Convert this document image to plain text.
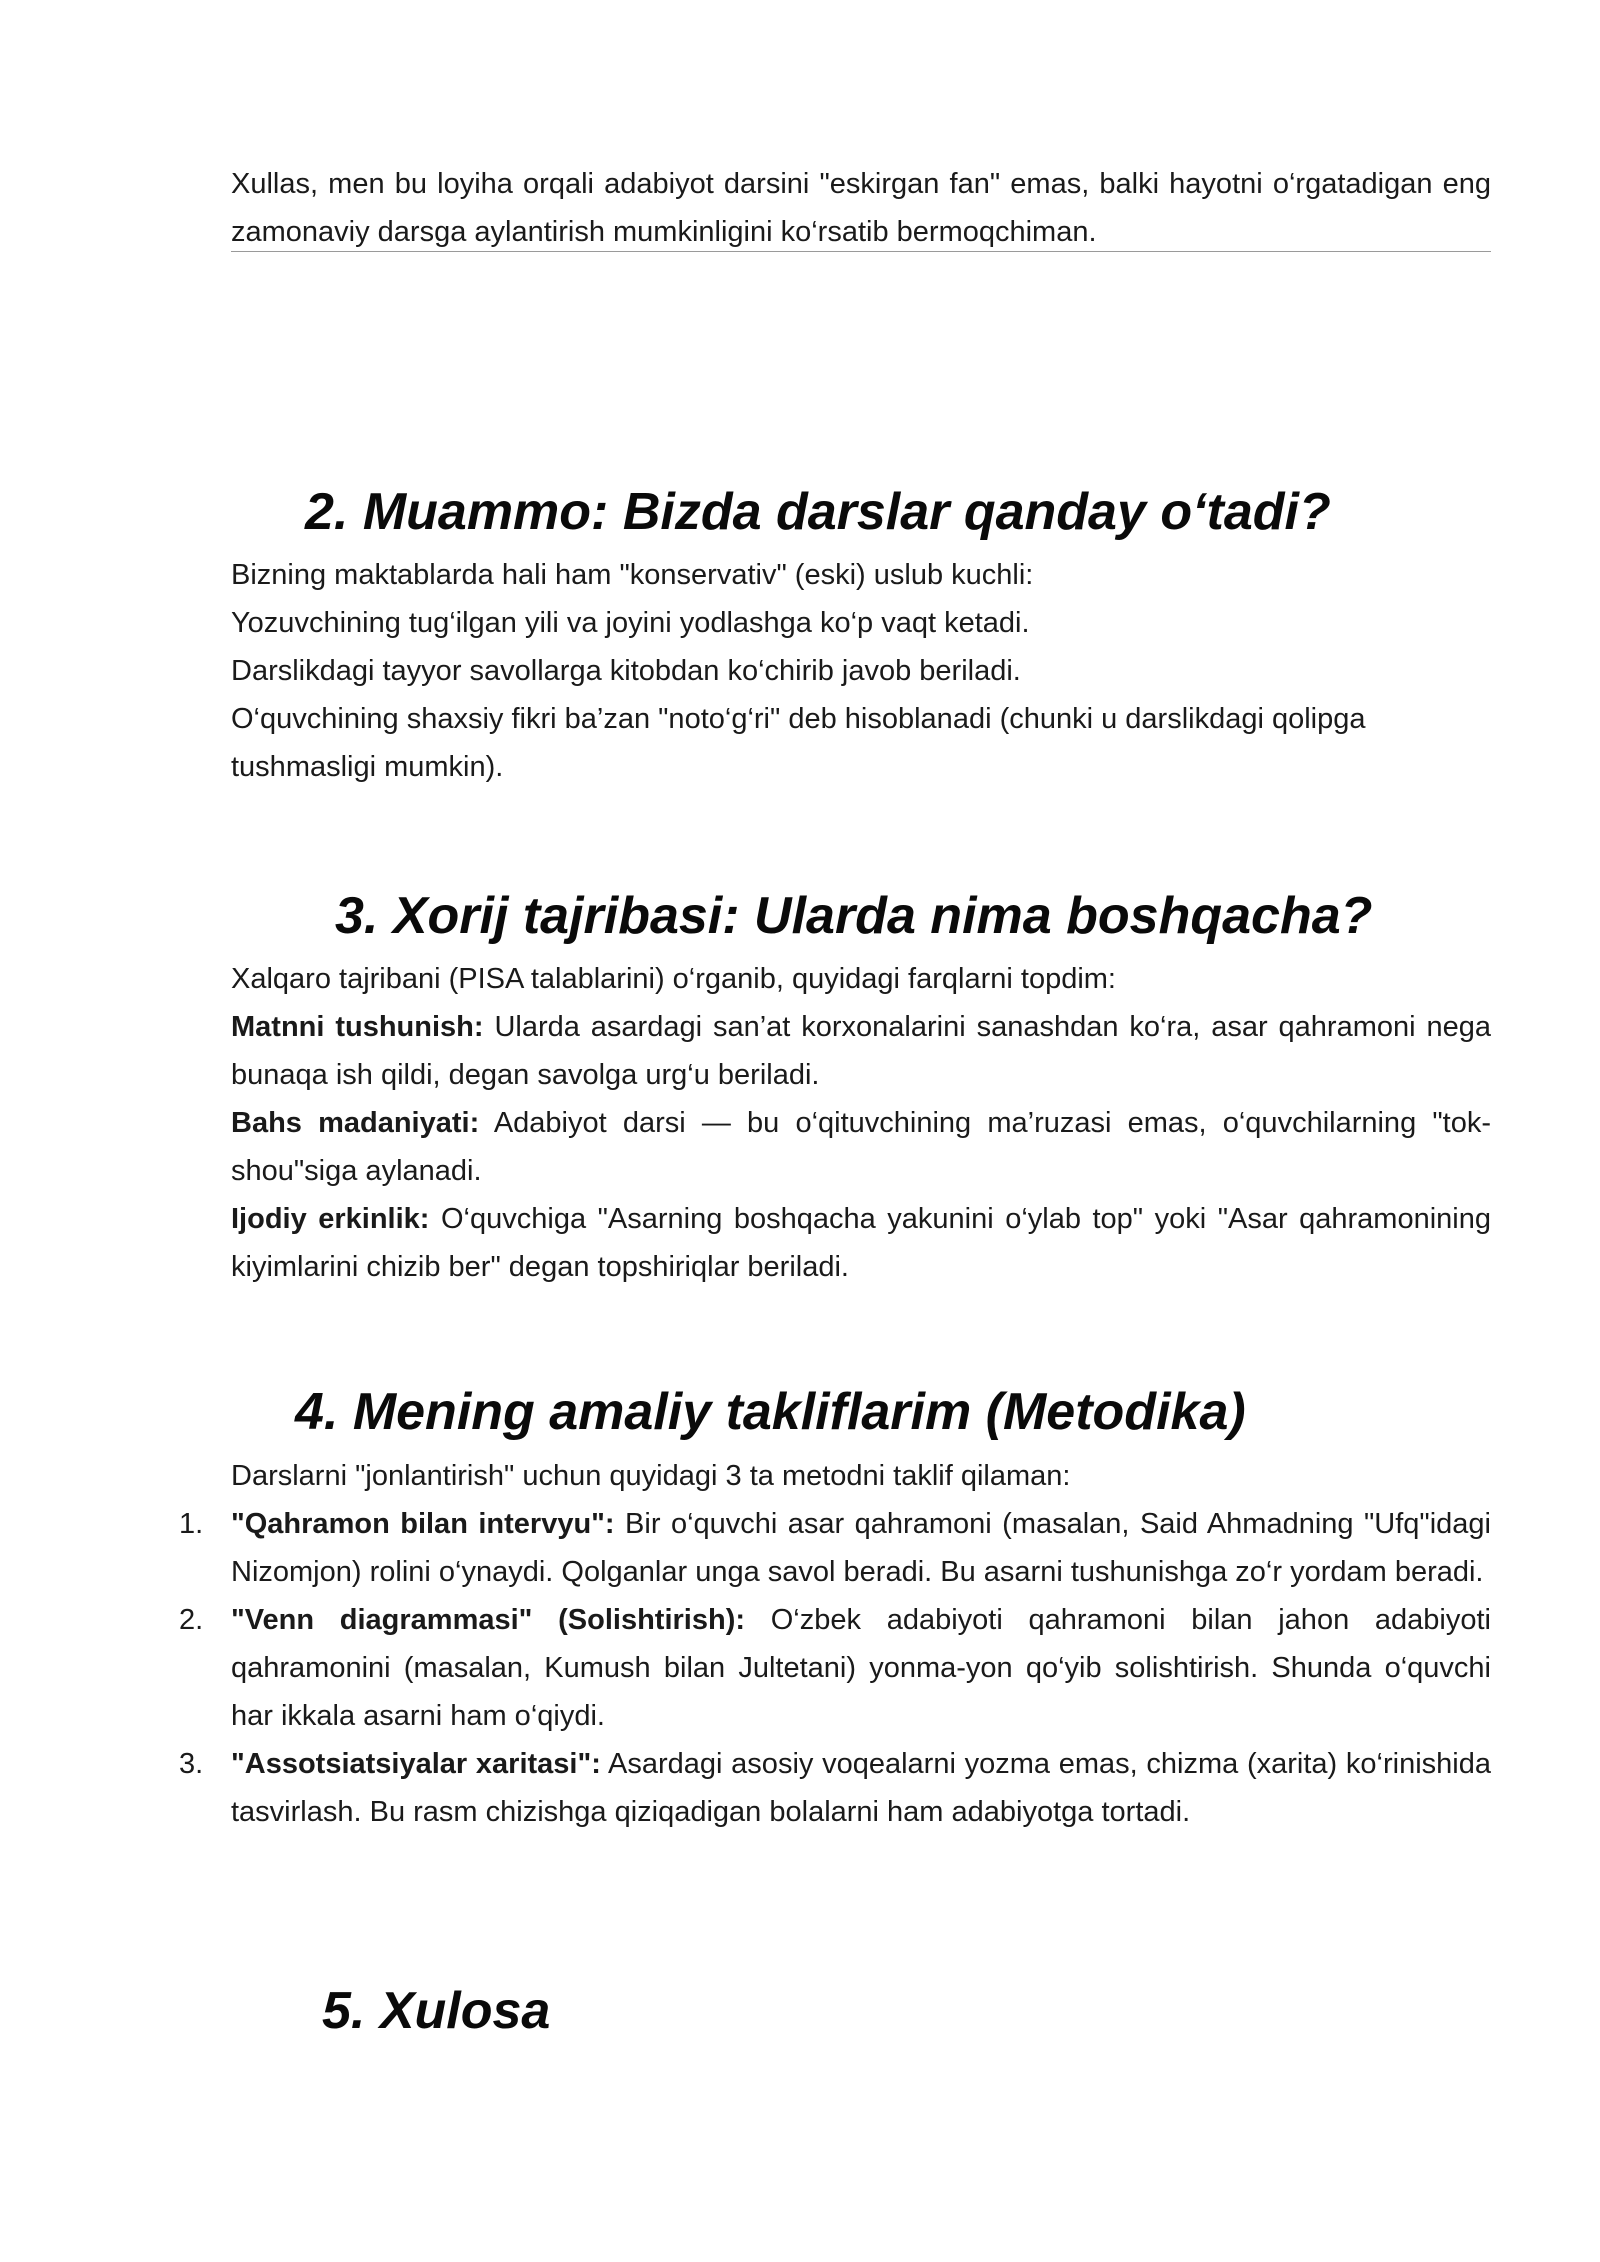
Xullas, men bu loyiha orqali adabiyot darsini "eskirgan fan" emas, balki hayotni o‘rgatadigan eng zamonaviy darsga aylantirish mumkinligini ko‘rsatib bermoqchiman.

2. Muammo: Bizda darslar qanday o‘tadi?
Bizning maktablarda hali ham "konservativ" (eski) uslub kuchli:
Yozuvchining tug‘ilgan yili va joyini yodlashga ko‘p vaqt ketadi.
Darslikdagi tayyor savollarga kitobdan ko‘chirib javob beriladi.
O‘quvchining shaxsiy fikri ba’zan "noto‘g‘ri" deb hisoblanadi (chunki u darslikdagi qolipga tushmasligi mumkin).
3. Xorij tajribasi: Ularda nima boshqacha?
Xalqaro tajribani (PISA talablarini) o‘rganib, quyidagi farqlarni topdim:
Matnni tushunish: Ularda asardagi san’at korxonalarini sanashdan ko‘ra, asar qahramoni nega bunaqa ish qildi, degan savolga urg‘u beriladi.
Bahs madaniyati: Adabiyot darsi — bu o‘qituvchining ma’ruzasi emas, o‘quvchilarning "tok-shou"siga aylanadi.
Ijodiy erkinlik: O‘quvchiga "Asarning boshqacha yakunini o‘ylab top" yoki "Asar qahramonining kiyimlarini chizib ber" degan topshiriqlar beriladi.
4. Mening amaliy takliflarim (Metodika)

Darslarni "jonlantirish" uchun quyidagi 3 ta metodni taklif qilaman:

1. "Qahramon bilan intervyu": Bir o‘quvchi asar qahramoni (masalan, Said Ahmadning "Ufq"idagi Nizomjon) rolini o‘ynaydi. Qolganlar unga savol beradi. Bu asarni tushunishga zo‘r yordam beradi.
2. "Venn diagrammasi" (Solishtirish): O‘zbek adabiyoti qahramoni bilan jahon adabiyoti qahramonini (masalan, Kumush bilan Jultetani) yonma-yon qo‘yib solishtirish. Shunda o‘quvchi har ikkala asarni ham o‘qiydi.
3. "Assotsiatsiyalar xaritasi": Asardagi asosiy voqealarni yozma emas, chizma (xarita) ko‘rinishida tasvirlash. Bu rasm chizishga qiziqadigan bolalarni ham adabiyotga tortadi.
5. Xulosa
